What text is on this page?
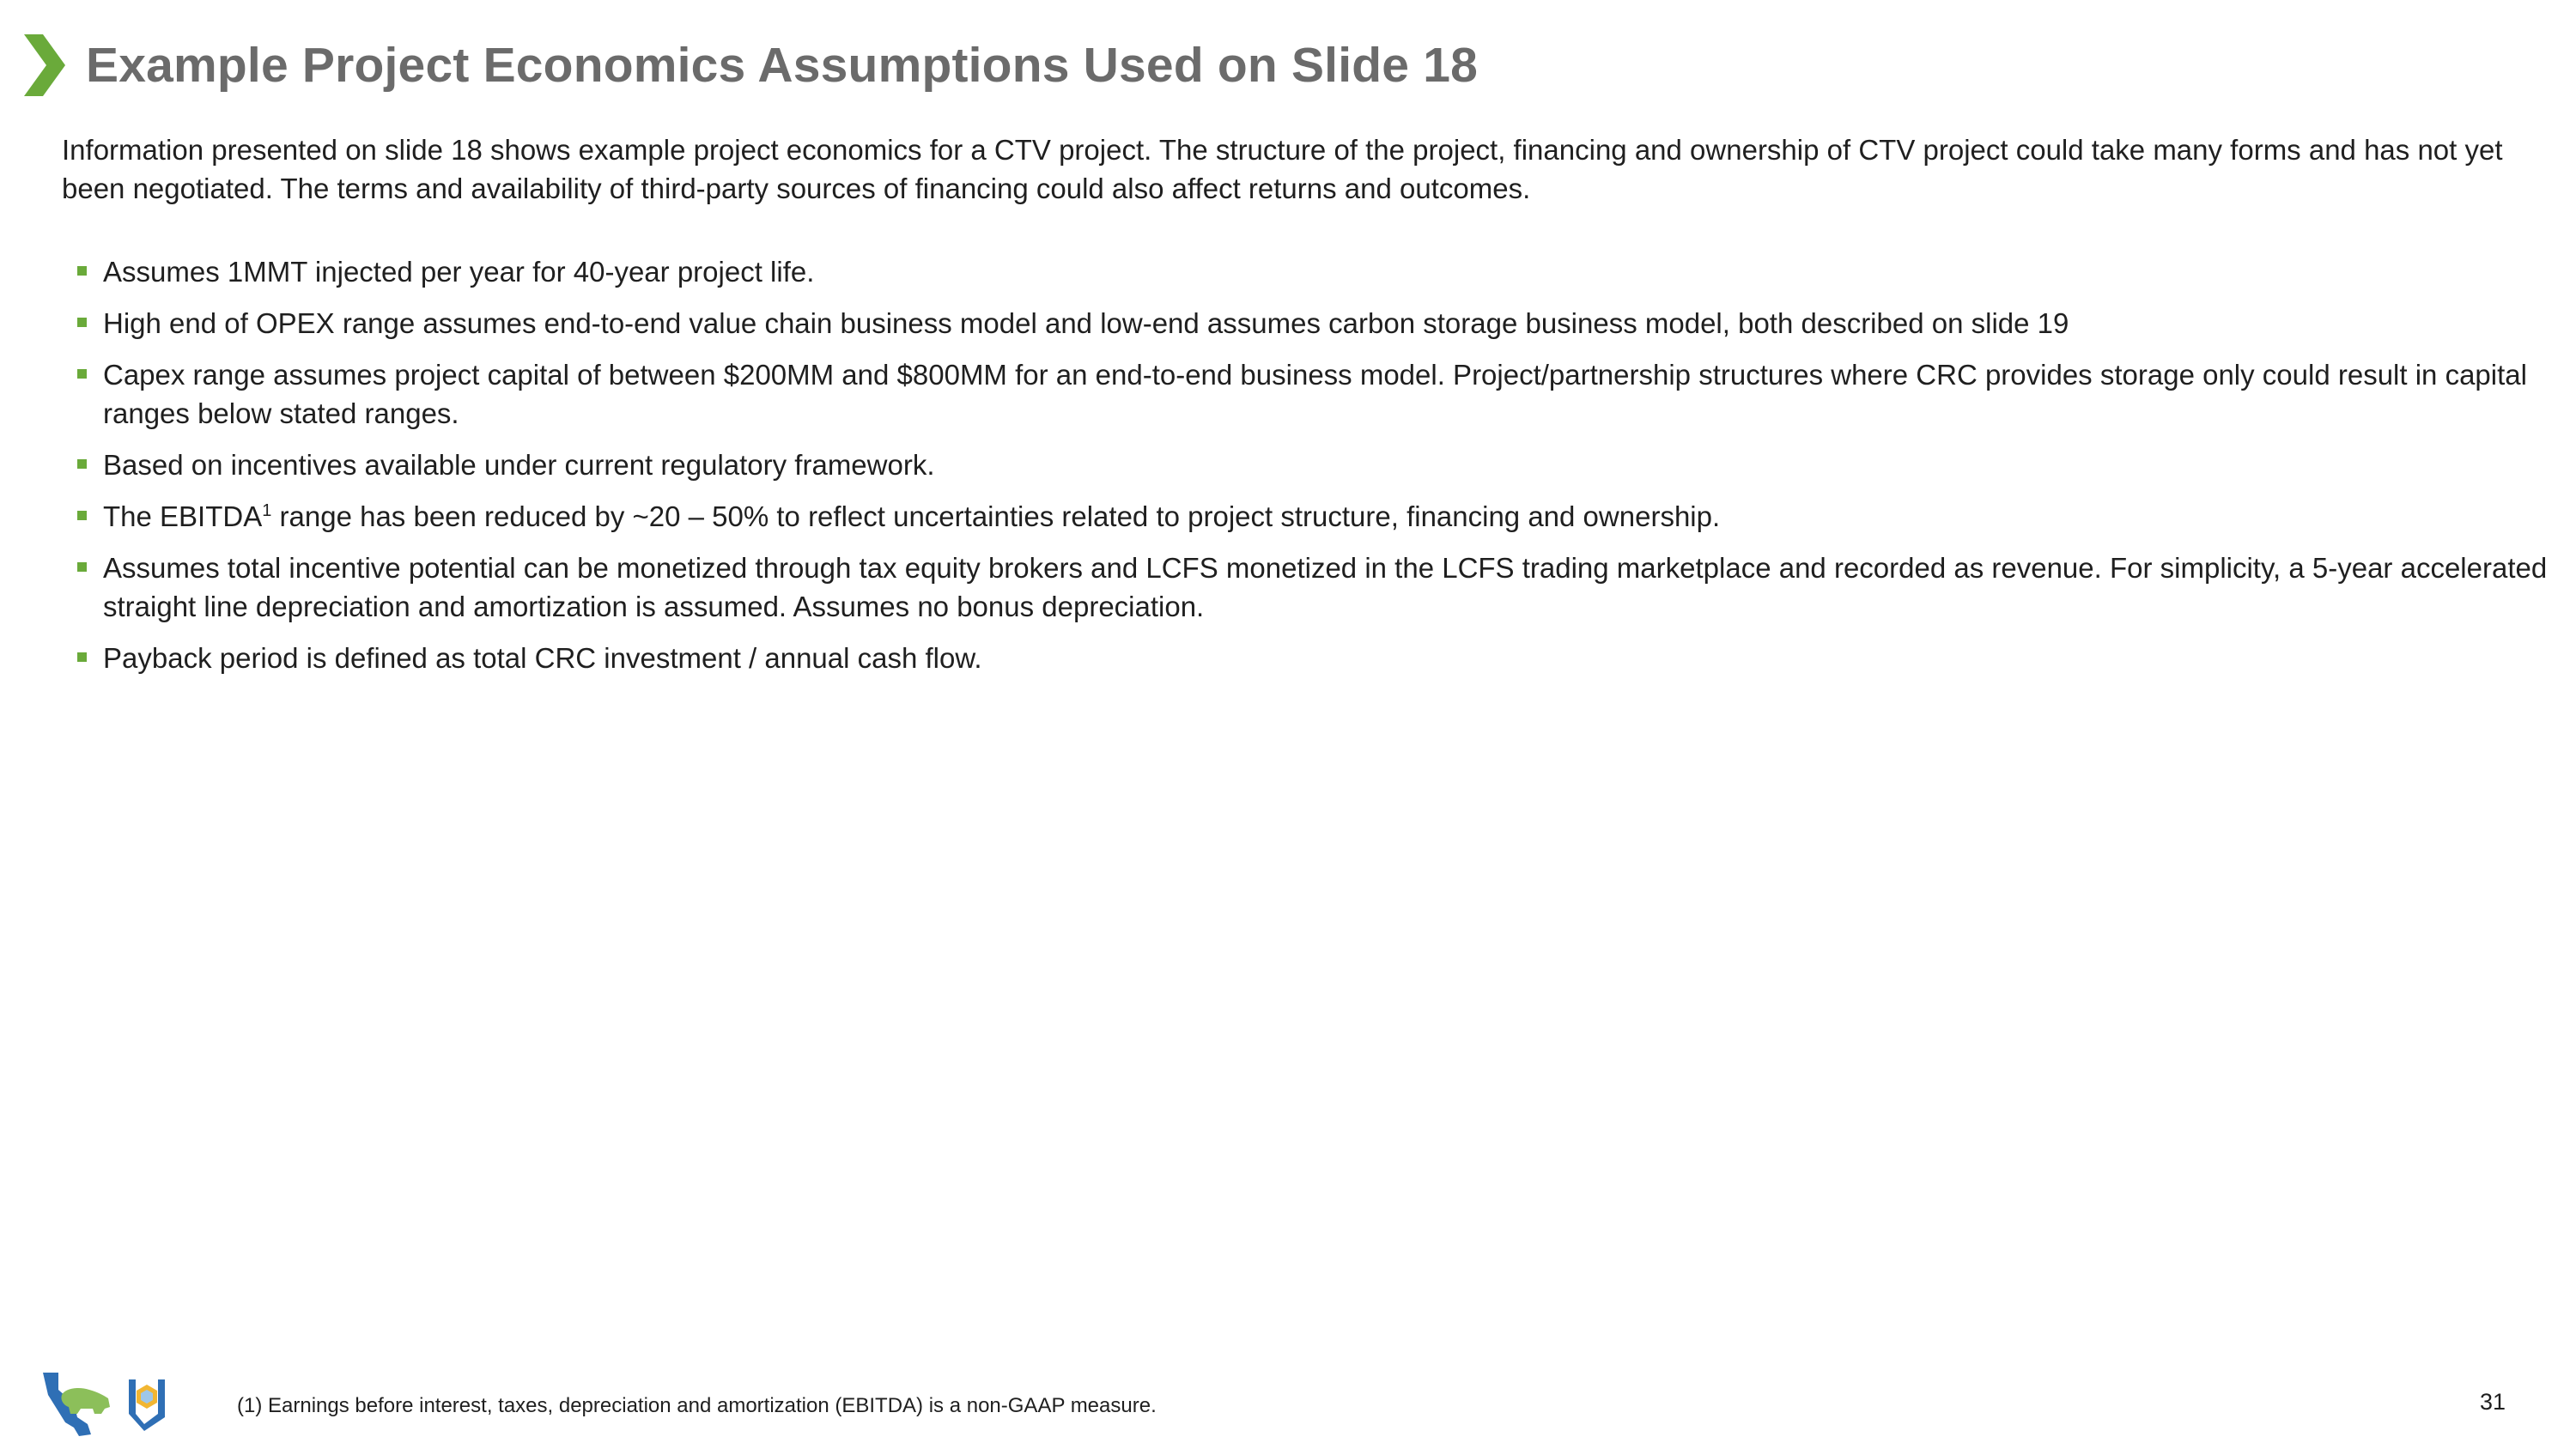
Example Project Economics Assumptions Used on Slide 18

Information presented on slide 18 shows example project economics for a CTV project. The structure of the project, financing and ownership of CTV project could take many forms and has not yet been negotiated. The terms and availability of third-party sources of financing could also affect returns and outcomes.

Assumes 1MMT injected per year for 40-year project life.
High end of OPEX range assumes end-to-end value chain business model and low-end assumes carbon storage business model, both described on slide 19
Capex range assumes project capital of between $200MM and $800MM for an end-to-end business model. Project/partnership structures where CRC provides storage only could result in capital ranges below stated ranges.
Based on incentives available under current regulatory framework.
The EBITDA$^1$ range has been reduced by ~20 – 50% to reflect uncertainties related to project structure, financing and ownership.
Assumes total incentive potential can be monetized through tax equity brokers and LCFS monetized in the LCFS trading marketplace and recorded as revenue. For simplicity, a 5-year accelerated straight line depreciation and amortization is assumed. Assumes no bonus depreciation.
Payback period is defined as total CRC investment / annual cash flow.
(1) Earnings before interest, taxes, depreciation and amortization (EBITDA) is a non-GAAP measure.	31
